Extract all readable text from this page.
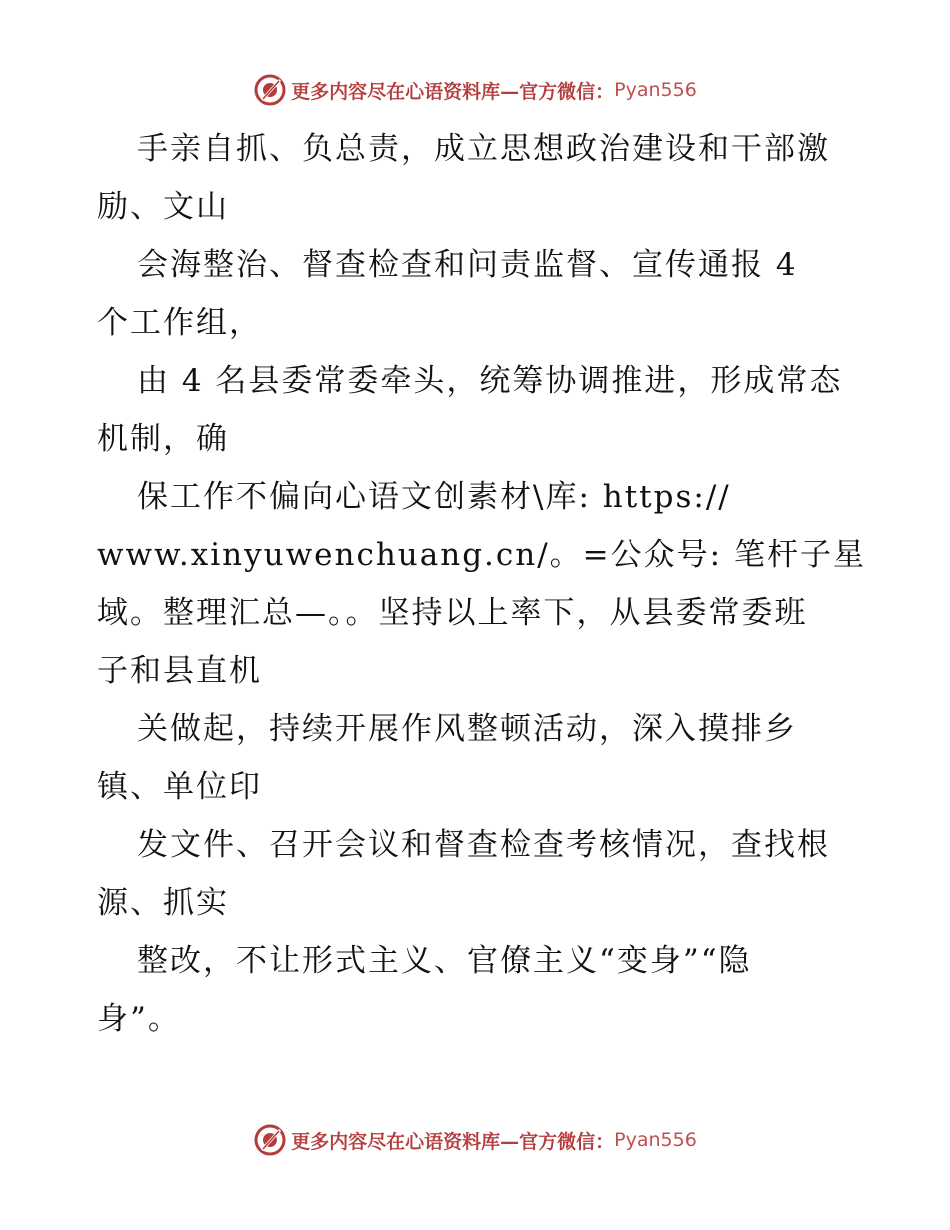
更多内容尽在心语资料库—官方微信： Pyan556
手亲自抓、负总责，成立思想政治建设和干部激
励、文山
会海整治、督查检查和问责监督、宣传通报 4
个工作组，
由 4 名县委常委牵头，统筹协调推进，形成常态
机制，确
保工作不偏向心语文创素材\库: https://
www.xinyuwenchuang.cn/。=公众号: 笔杆子星
域。整理汇总—。。坚持以上率下，从县委常委班
子和县直机
关做起，持续开展作风整顿活动，深入摸排乡
镇、单位印
发文件、召开会议和督查检查考核情况，查找根
源、抓实
整改，不让形式主义、官僚主义“变身”“隐
身”。
更多内容尽在心语资料库—官方微信： Pyan556
